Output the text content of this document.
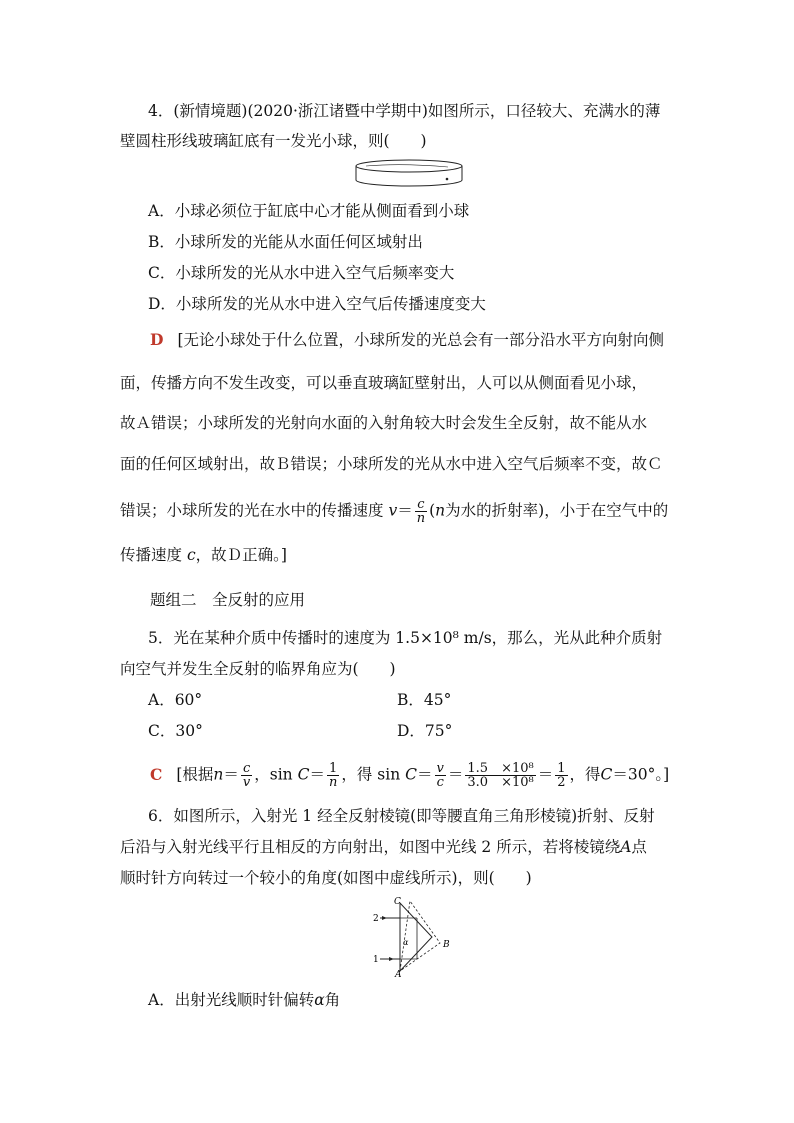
4．(新情境题)(2020·浙江诸暨中学期中)如图所示，口径较大、充满水的薄
壁圆柱形线玻璃缸底有一发光小球，则(　　)
A．小球必须位于缸底中心才能从侧面看到小球
B．小球所发的光能从水面任何区域射出
C．小球所发的光从水中进入空气后频率变大
D．小球所发的光从水中进入空气后传播速度变大
D [无论小球处于什么位置，小球所发的光总会有一部分沿水平方向射向侧
面，传播方向不发生改变，可以垂直玻璃缸壁射出，人可以从侧面看见小球，
故Ａ错误；小球所发的光射向水面的入射角较大时会发生全反射，故不能从水
面的任何区域射出，故Ｂ错误；小球所发的光从水中进入空气后频率不变，故Ｃ
错误；小球所发的光在水中的传播速度 $v= \frac{c}{n} (n$为水的折射率)，小于在空气中的
传播速度 c，故Ｄ正确。]
题组二　全反射的应用
5．光在某种介质中传播时的速度为 1.5×10⁸ m/s，那么，光从此种介质射
向空气并发生全反射的临界角应为(　　)
A．60°	B．45°
C．30°	D．75°
C [根据$n= \frac{c}{v}$ ，$\sin C= \frac{1}{n}$ ，得 $\sin C= \frac{v}{c} = \frac{\text{1.5　×10⁸}}{\text{3.0　×10⁸}} = \frac{1}{2}$ ，得C＝30°。]
6．如图所示，入射光 1 经全反射棱镜(即等腰直角三角形棱镜)折射、反射
后沿与入射光线平行且相反的方向射出，如图中光线 2 所示，若将棱镜绕A点
顺时针方向转过一个较小的角度(如图中虚线所示)，则(　　)
C
2
1
A
B
α
A．出射光线顺时针偏转α角
